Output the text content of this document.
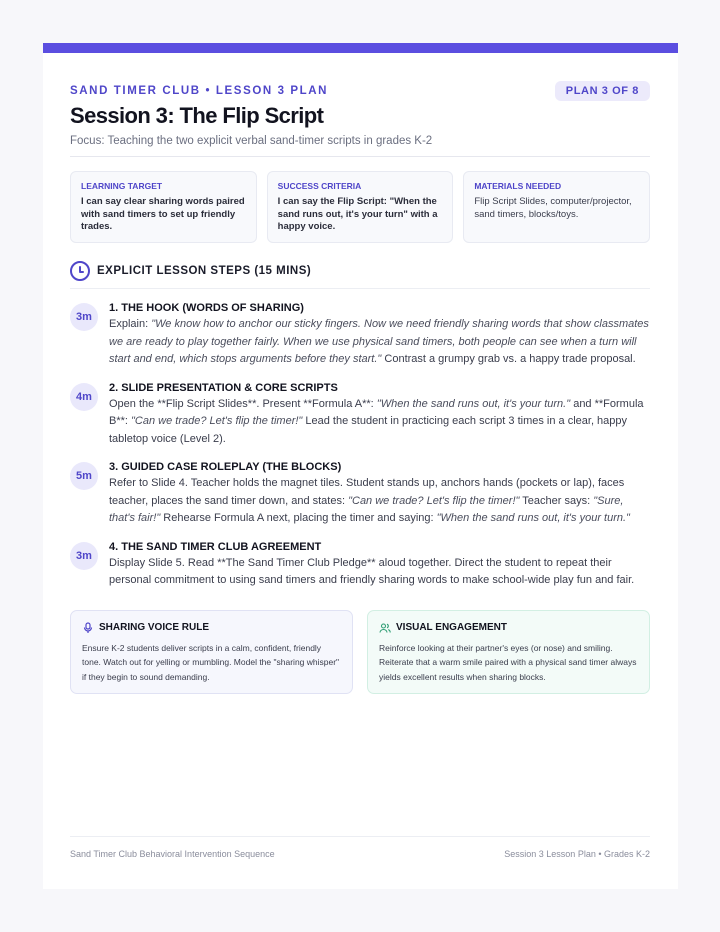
SAND TIMER CLUB • LESSON 3 PLAN	PLAN 3 OF 8
Session 3: The Flip Script
Focus: Teaching the two explicit verbal sand-timer scripts in grades K-2
LEARNING TARGET
I can say clear sharing words paired with sand timers to set up friendly trades.
SUCCESS CRITERIA
I can say the Flip Script: "When the sand runs out, it's your turn" with a happy voice.
MATERIALS NEEDED
Flip Script Slides, computer/projector, sand timers, blocks/toys.
EXPLICIT LESSON STEPS (15 MINS)
3m
1. THE HOOK (WORDS OF SHARING)
Explain: "We know how to anchor our sticky fingers. Now we need friendly sharing words that show classmates we are ready to play together fairly. When we use physical sand timers, both people can see when a turn will start and end, which stops arguments before they start." Contrast a grumpy grab vs. a happy trade proposal.
4m
2. SLIDE PRESENTATION & CORE SCRIPTS
Open the **Flip Script Slides**. Present **Formula A**: "When the sand runs out, it's your turn." and **Formula B**: "Can we trade? Let's flip the timer!" Lead the student in practicing each script 3 times in a clear, happy tabletop voice (Level 2).
5m
3. GUIDED CASE ROLEPLAY (THE BLOCKS)
Refer to Slide 4. Teacher holds the magnet tiles. Student stands up, anchors hands (pockets or lap), faces teacher, places the sand timer down, and states: "Can we trade? Let's flip the timer!" Teacher says: "Sure, that's fair!" Rehearse Formula A next, placing the timer and saying: "When the sand runs out, it's your turn."
3m
4. THE SAND TIMER CLUB AGREEMENT
Display Slide 5. Read **The Sand Timer Club Pledge** aloud together. Direct the student to repeat their personal commitment to using sand timers and friendly sharing words to make school-wide play fun and fair.
SHARING VOICE RULE
Ensure K-2 students deliver scripts in a calm, confident, friendly tone. Watch out for yelling or mumbling. Model the "sharing whisper" if they begin to sound demanding.
VISUAL ENGAGEMENT
Reinforce looking at their partner's eyes (or nose) and smiling. Reiterate that a warm smile paired with a physical sand timer always yields excellent results when sharing blocks.
Sand Timer Club Behavioral Intervention Sequence	Session 3 Lesson Plan • Grades K-2
